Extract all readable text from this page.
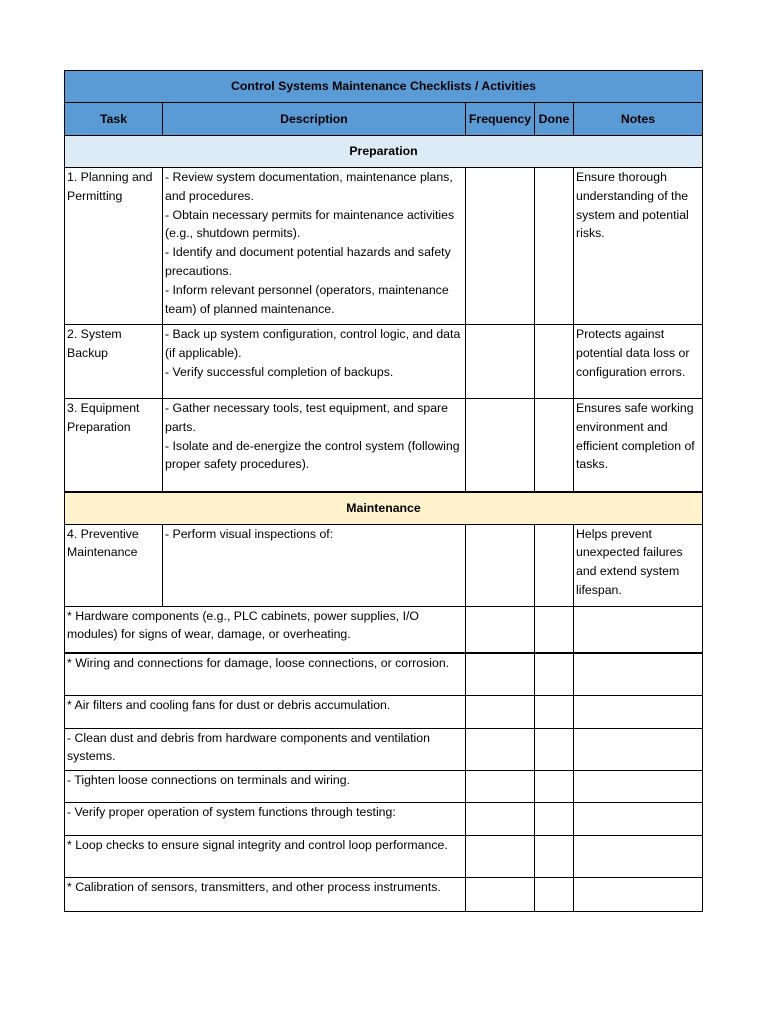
Control Systems Maintenance Checklists / Activities				
Task	Description	Frequency	Done	Notes
Preparation				
1. Planning and Permitting	- Review system documentation, maintenance plans, and procedures.
- Obtain necessary permits for maintenance activities (e.g., shutdown permits).
- Identify and document potential hazards and safety precautions.
- Inform relevant personnel (operators, maintenance team) of planned maintenance.			Ensure thorough understanding of the system and potential risks.
2. System Backup	- Back up system configuration, control logic, and data (if applicable).
- Verify successful completion of backups.			Protects against potential data loss or configuration errors.
3. Equipment Preparation	- Gather necessary tools, test equipment, and spare parts.
- Isolate and de-energize the control system (following proper safety procedures).			Ensures safe working environment and efficient completion of tasks.
Maintenance				
4. Preventive Maintenance	- Perform visual inspections of:			Helps prevent unexpected failures and extend system lifespan.
* Hardware components (e.g., PLC cabinets, power supplies, I/O modules) for signs of wear, damage, or overheating.				
* Wiring and connections for damage, loose connections, or corrosion.				
* Air filters and cooling fans for dust or debris accumulation.				
- Clean dust and debris from hardware components and ventilation systems.				
- Tighten loose connections on terminals and wiring.				
- Verify proper operation of system functions through testing:				
* Loop checks to ensure signal integrity and control loop performance.				
* Calibration of sensors, transmitters, and other process instruments.				
